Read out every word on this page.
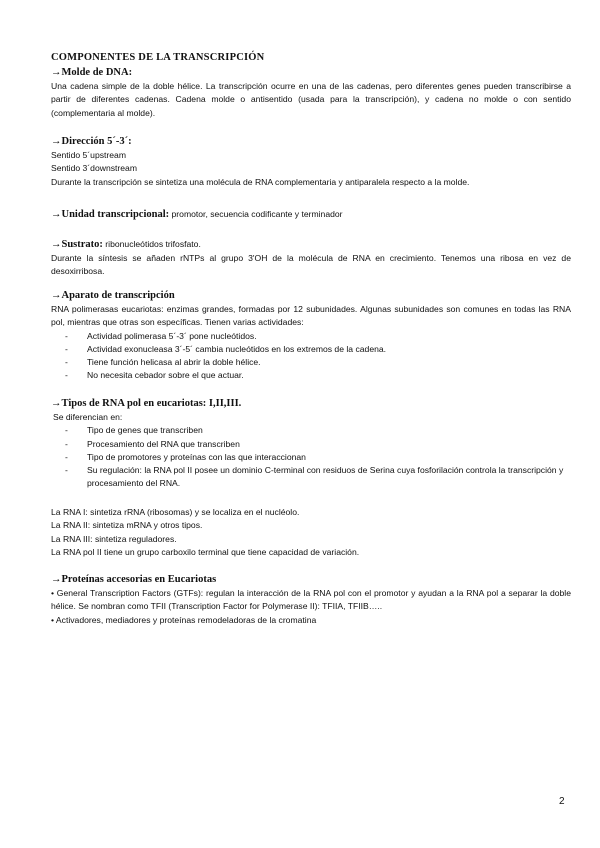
COMPONENTES DE LA TRANSCRIPCIÓN
→Molde de DNA:
Una cadena simple de la doble hélice. La transcripción ocurre en una de las cadenas, pero diferentes genes pueden transcribirse a partir de diferentes cadenas. Cadena molde o antisentido (usada para la transcripción), y cadena no molde o con sentido (complementaria al molde).
→Dirección 5´-3´:
Sentido 5´upstream
Sentido 3´downstream
Durante la transcripción se sintetiza una molécula de RNA complementaria y antiparalela respecto a la molde.
→Unidad transcripcional: promotor, secuencia codificante y terminador
→Sustrato: ribonucleótidos trifosfato.
Durante la síntesis se añaden rNTPs al grupo 3'OH de la molécula de RNA en crecimiento. Tenemos una ribosa en vez de desoxirribosa.
→Aparato de transcripción
RNA polimerasas eucariotas: enzimas grandes, formadas por 12 subunidades. Algunas subunidades son comunes en todas las RNA pol, mientras que otras son específicas. Tienen varias actividades:
- Actividad polimerasa 5´-3´ pone nucleótidos.
- Actividad exonucleasa 3´-5´ cambia nucleótidos en los extremos de la cadena.
- Tiene función helicasa al abrir la doble hélice.
- No necesita cebador sobre el que actuar.
→Tipos de RNA pol en eucariotas: I,II,III.
Se diferencian en:
- Tipo de genes que transcriben
- Procesamiento del RNA que transcriben
- Tipo de promotores y proteínas con las que interaccionan
- Su regulación: la RNA pol II posee un dominio C-terminal con residuos de Serina cuya fosforilación controla la transcripción y procesamiento del RNA.
La RNA I: sintetiza rRNA (ribosomas) y se localiza en el nucléolo.
La RNA II: sintetiza mRNA y otros tipos.
La RNA III: sintetiza reguladores.
La RNA pol II tiene un grupo carboxilo terminal que tiene capacidad de variación.
→Proteínas accesorias en Eucariotas
• General Transcription Factors (GTFs): regulan la interacción de la RNA pol con el promotor y ayudan a la RNA pol a separar la doble hélice. Se nombran como TFII (Transcription Factor for Polymerase II): TFIIA, TFIIB…..
• Activadores, mediadores y proteínas remodeladoras de la cromatina
2
